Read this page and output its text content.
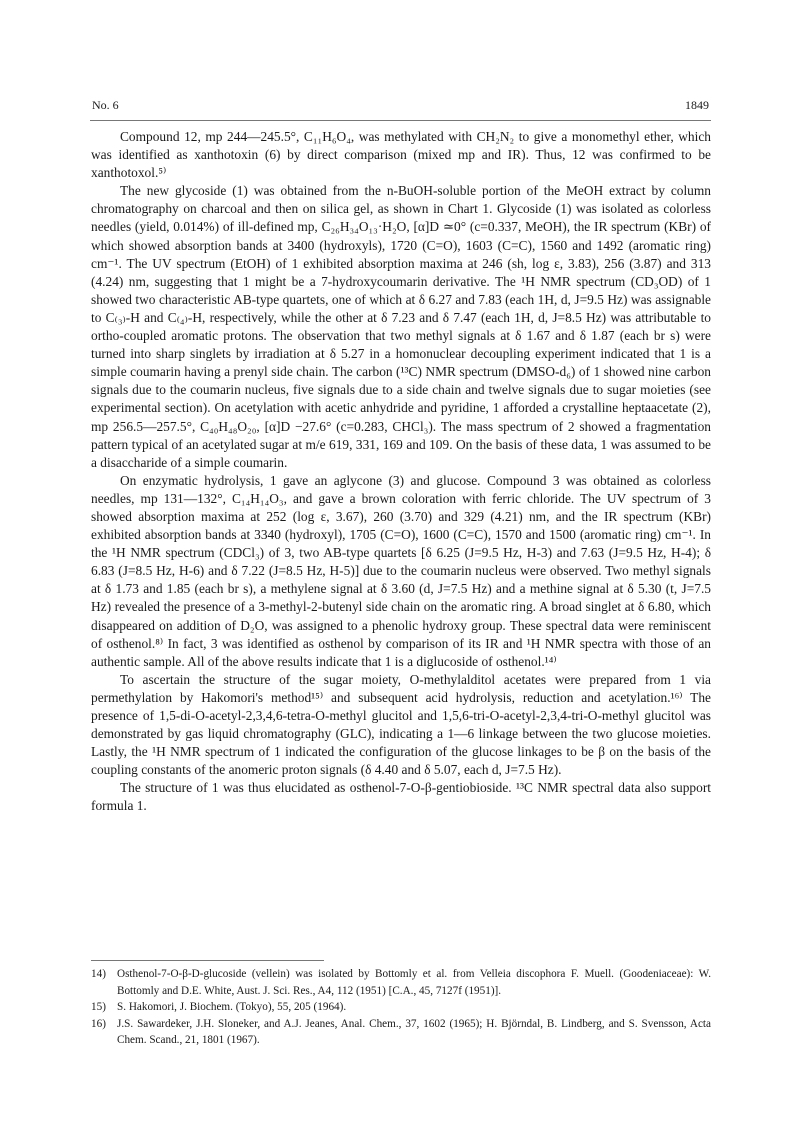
No. 6	1849

Compound 12, mp 244—245.5°, C₁₁H₆O₄, was methylated with CH₂N₂ to give a monomethyl ether, which was identified as xanthotoxin (6) by direct comparison (mixed mp and IR). Thus, 12 was confirmed to be xanthotoxol.⁵⁾

The new glycoside (1) was obtained from the n-BuOH-soluble portion of the MeOH extract by column chromatography on charcoal and then on silica gel, as shown in Chart 1. Glycoside (1) was isolated as colorless needles (yield, 0.014%) of ill-defined mp, C₂₆H₃₄O₁₃·H₂O, [α]D ≃0° (c=0.337, MeOH), the IR spectrum (KBr) of which showed absorption bands at 3400 (hydroxyls), 1720 (C=O), 1603 (C=C), 1560 and 1492 (aromatic ring) cm⁻¹. The UV spectrum (EtOH) of 1 exhibited absorption maxima at 246 (sh, log ε, 3.83), 256 (3.87) and 313 (4.24) nm, suggesting that 1 might be a 7-hydroxycoumarin derivative. The ¹H NMR spectrum (CD₃OD) of 1 showed two characteristic AB-type quartets, one of which at δ 6.27 and 7.83 (each 1H, d, J=9.5 Hz) was assignable to C₍₃₎-H and C₍₄₎-H, respectively, while the other at δ 7.23 and δ 7.47 (each 1H, d, J=8.5 Hz) was attributable to ortho-coupled aromatic protons. The observation that two methyl signals at δ 1.67 and δ 1.87 (each br s) were turned into sharp singlets by irradiation at δ 5.27 in a homonuclear decoupling experiment indicated that 1 is a simple coumarin having a prenyl side chain. The carbon (¹³C) NMR spectrum (DMSO-d₆) of 1 showed nine carbon signals due to the coumarin nucleus, five signals due to a side chain and twelve signals due to sugar moieties (see experimental section). On acetylation with acetic anhydride and pyridine, 1 afforded a crystalline heptaacetate (2), mp 256.5—257.5°, C₄₀H₄₈O₂₀, [α]D −27.6° (c=0.283, CHCl₃). The mass spectrum of 2 showed a fragmentation pattern typical of an acetylated sugar at m/e 619, 331, 169 and 109. On the basis of these data, 1 was assumed to be a disaccharide of a simple coumarin.

On enzymatic hydrolysis, 1 gave an aglycone (3) and glucose. Compound 3 was obtained as colorless needles, mp 131—132°, C₁₄H₁₄O₃, and gave a brown coloration with ferric chloride. The UV spectrum of 3 showed absorption maxima at 252 (log ε, 3.67), 260 (3.70) and 329 (4.21) nm, and the IR spectrum (KBr) exhibited absorption bands at 3340 (hydroxyl), 1705 (C=O), 1600 (C=C), 1570 and 1500 (aromatic ring) cm⁻¹. In the ¹H NMR spectrum (CDCl₃) of 3, two AB-type quartets [δ 6.25 (J=9.5 Hz, H-3) and 7.63 (J=9.5 Hz, H-4); δ 6.83 (J=8.5 Hz, H-6) and δ 7.22 (J=8.5 Hz, H-5)] due to the coumarin nucleus were observed. Two methyl signals at δ 1.73 and 1.85 (each br s), a methylene signal at δ 3.60 (d, J=7.5 Hz) and a methine signal at δ 5.30 (t, J=7.5 Hz) revealed the presence of a 3-methyl-2-butenyl side chain on the aromatic ring. A broad singlet at δ 6.80, which disappeared on addition of D₂O, was assigned to a phenolic hydroxy group. These spectral data were reminiscent of osthenol.⁸⁾ In fact, 3 was identified as osthenol by comparison of its IR and ¹H NMR spectra with those of an authentic sample. All of the above results indicate that 1 is a diglucoside of osthenol.¹⁴⁾

To ascertain the structure of the sugar moiety, O-methylalditol acetates were prepared from 1 via permethylation by Hakomori's method¹⁵⁾ and subsequent acid hydrolysis, reduction and acetylation.¹⁶⁾ The presence of 1,5-di-O-acetyl-2,3,4,6-tetra-O-methyl glucitol and 1,5,6-tri-O-acetyl-2,3,4-tri-O-methyl glucitol was demonstrated by gas liquid chromatography (GLC), indicating a 1—6 linkage between the two glucose moieties. Lastly, the ¹H NMR spectrum of 1 indicated the configuration of the glucose linkages to be β on the basis of the coupling constants of the anomeric proton signals (δ 4.40 and δ 5.07, each d, J=7.5 Hz).

The structure of 1 was thus elucidated as osthenol-7-O-β-gentiobioside. ¹³C NMR spectral data also support formula 1.

14) Osthenol-7-O-β-D-glucoside (vellein) was isolated by Bottomly et al. from Velleia discophora F. Muell. (Goodeniaceae): W. Bottomly and D.E. White, Aust. J. Sci. Res., A4, 112 (1951) [C.A., 45, 7127f (1951)].
15) S. Hakomori, J. Biochem. (Tokyo), 55, 205 (1964).
16) J.S. Sawardeker, J.H. Sloneker, and A.J. Jeanes, Anal. Chem., 37, 1602 (1965); H. Björndal, B. Lindberg, and S. Svensson, Acta Chem. Scand., 21, 1801 (1967).
